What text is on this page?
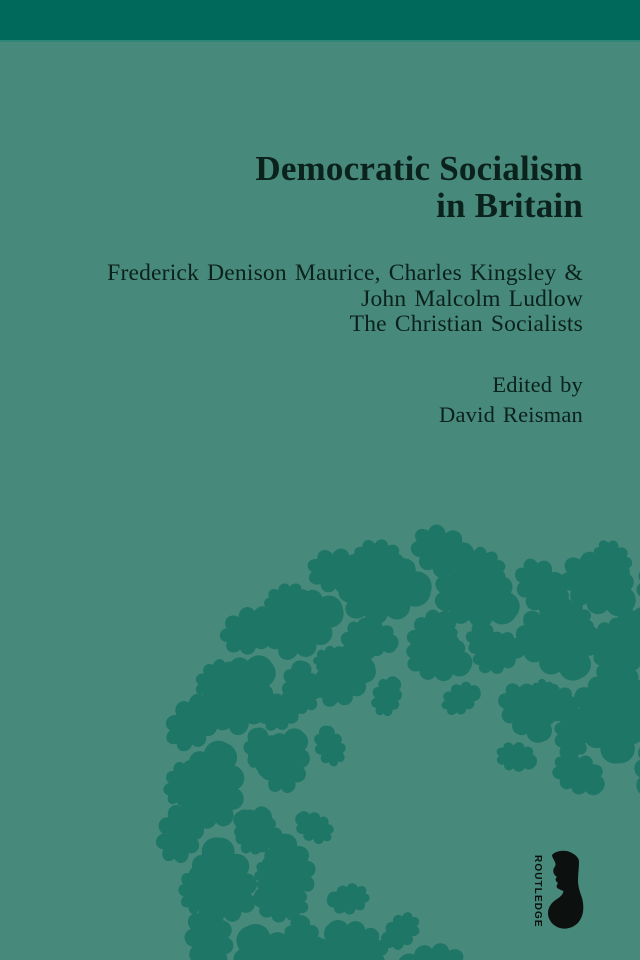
Democratic Socialism
in Britain
Frederick Denison Maurice, Charles Kingsley &
John Malcolm Ludlow
The Christian Socialists
Edited by
David Reisman
ROUTLEDGE
